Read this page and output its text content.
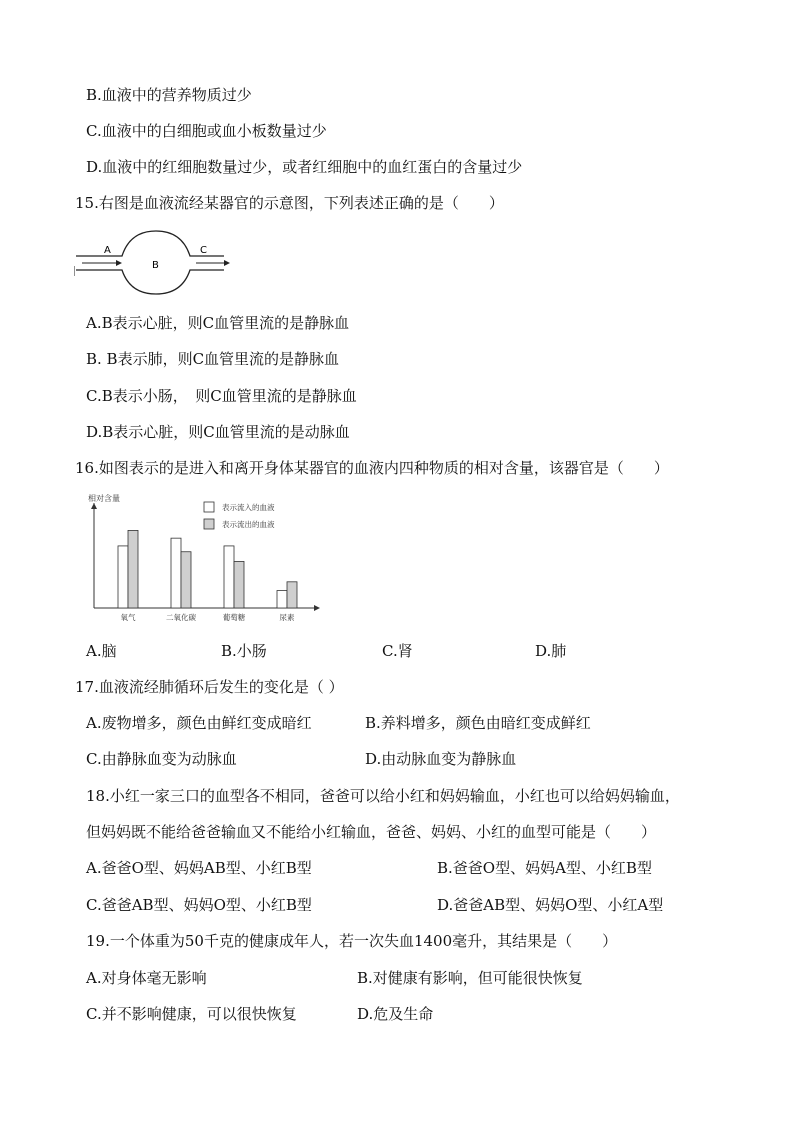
B.血液中的营养物质过少
C.血液中的白细胞或血小板数量过少
D.血液中的红细胞数量过少，或者红细胞中的血红蛋白的含量过少
15.右图是血液流经某器官的示意图，下列表述正确的是（　　）
A
B
C
A.B表示心脏，则C血管里流的是静脉血
B. B表示肺，则C血管里流的是静脉血
C.B表示小肠，　则C血管里流的是静脉血
D.B表示心脏，则C血管里流的是动脉血
16.如图表示的是进入和离开身体某器官的血液内四种物质的相对含量，该器官是（　　）
相对含量
表示流入的血液
表示流出的血液
氧气	二氧化碳	葡萄糖	尿素
A.脑	B.小肠	C.肾	D.肺
17.血液流经肺循环后发生的变化是（ ）
A.废物增多，颜色由鲜红变成暗红	B.养料增多，颜色由暗红变成鲜红
C.由静脉血变为动脉血	D.由动脉血变为静脉血
18.小红一家三口的血型各不相同，爸爸可以给小红和妈妈输血，小红也可以给妈妈输血，
但妈妈既不能给爸爸输血又不能给小红输血，爸爸、妈妈、小红的血型可能是（　　）
A.爸爸O型、妈妈AB型、小红B型	B.爸爸O型、妈妈A型、小红B型
C.爸爸AB型、妈妈O型、小红B型	D.爸爸AB型、妈妈O型、小红A型
19.一个体重为50千克的健康成年人，若一次失血1400毫升，其结果是（　　）
A.对身体毫无影响	B.对健康有影响，但可能很快恢复
C.并不影响健康，可以很快恢复	D.危及生命
